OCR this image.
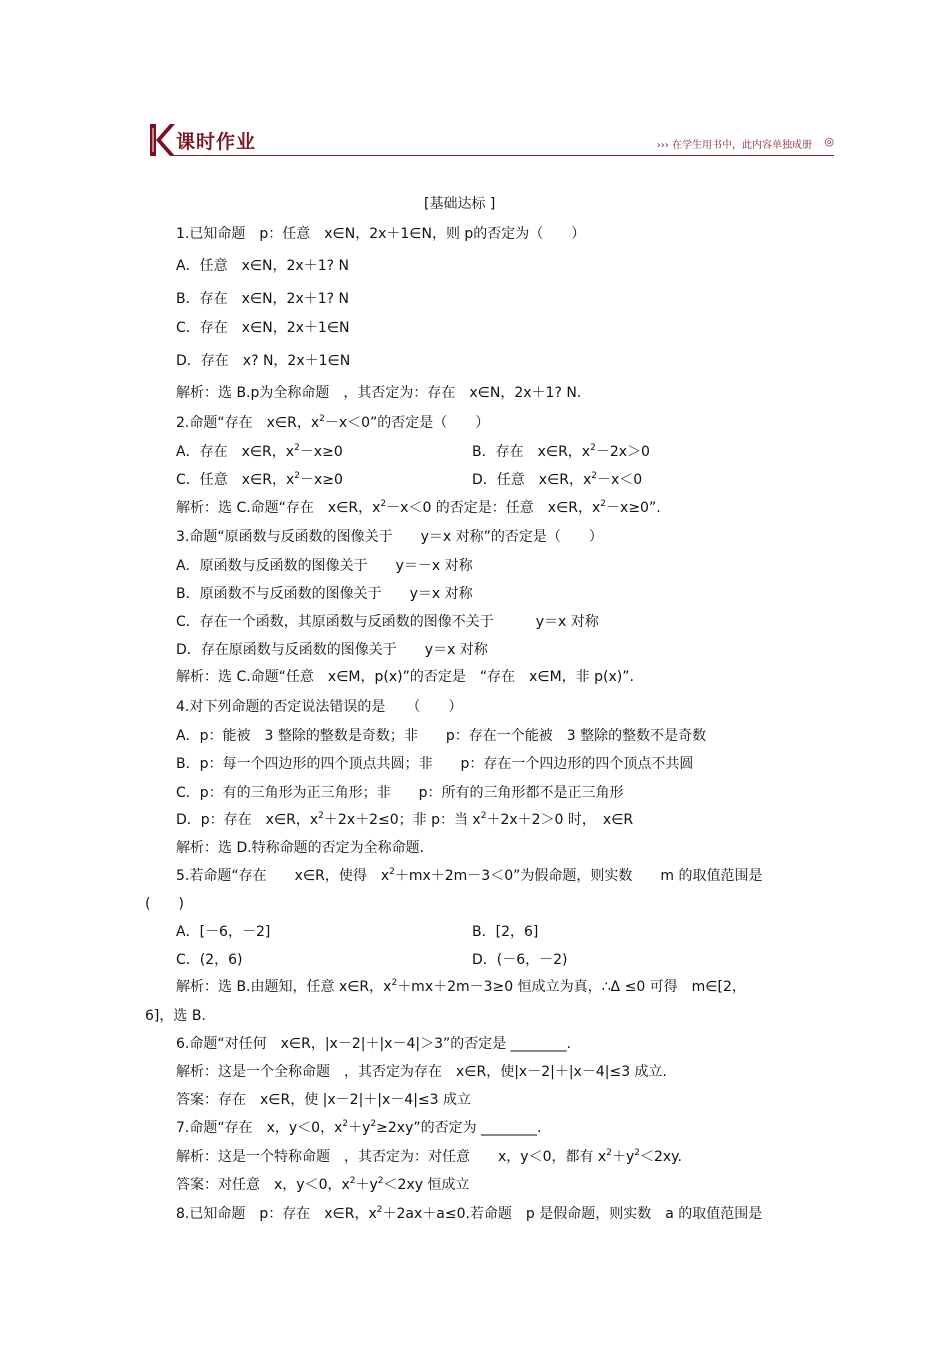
课时作业	››› 在学生用书中，此内容单独成册 ◎
[基础达标 ]
1.已知命题　p：任意　x∈N，2x＋1∈N，则 p的否定为（　　）
A．任意　x∈N，2x＋1? N
B．存在　x∈N，2x＋1? N
C．存在　x∈N，2x＋1∈N
D．存在　x? N，2x＋1∈N
解析：选 B.p为全称命题　，其否定为：存在　x∈N，2x＋1? N.
2.命题“存在　x∈R，$x^2-x<0$”的否定是（　　）
A．存在　x∈R，$x^2-x\ge 0$	B．存在　x∈R，$x^2-2x>0$
C．任意　x∈R，$x^2-x\ge 0$	D．任意　x∈R，$x^2-x<0$
解析：选 C.命题“存在　x∈R，$x^2-x<0$ 的否定是：任意　x∈R，$x^2-x\ge 0$”.
3.命题“原函数与反函数的图像关于　　y＝x 对称”的否定是（　　）
A．原函数与反函数的图像关于　　y＝－x 对称
B．原函数不与反函数的图像关于　　y＝x 对称
C．存在一个函数，其原函数与反函数的图像不关于　　　y＝x 对称
D．存在原函数与反函数的图像关于　　y＝x 对称
解析：选 C.命题“任意　x∈M，p(x)”的否定是　“存在　x∈M，非 p(x)”.
4.对下列命题的否定说法错误的是　　（　　）
A．p：能被　3 整除的整数是奇数；非　　p：存在一个能被　3 整除的整数不是奇数
B．p：每一个四边形的四个顶点共圆；非　　p：存在一个四边形的四个顶点不共圆
C．p：有的三角形为正三角形；非　　p：所有的三角形都不是正三角形
D．p：存在　x∈R，$x^2+2x+2\le 0$；非 p：当 $x^2+2x+2>0$ 时，　x∈R
解析：选 D.特称命题的否定为全称命题.
5.若命题“存在　　x∈R，使得　$x^2+mx+2m-3<0$”为假命题，则实数　　m 的取值范围是
(　　)
A．[－6，－2]	B．[2，6]
C．(2，6)	D．(－6，－2)
解析：选 B.由题知，任意 x∈R，$x^2+mx+2m-3\ge 0$ 恒成立为真，∴Δ ≤0 可得　m∈[2，
6]，选 B.
6.命题“对任何　x∈R，|x－2|＋|x－4|＞3”的否定是 ________.
解析：这是一个全称命题　，其否定为存在　x∈R，使|x－2|＋|x－4|≤3 成立.
答案：存在　x∈R，使 |x－2|＋|x－4|≤3 成立
7.命题“存在　x，y＜0，$x^2+y^2\ge 2xy$”的否定为 ________.
解析：这是一个特称命题　，其否定为：对任意　　x，y＜0，都有 $x^2+y^2<2xy$.
答案：对任意　x，y＜0，$x^2+y^2<2xy$ 恒成立
8.已知命题　p：存在　x∈R，$x^2+2ax+a\le 0$.若命题　p 是假命题，则实数　a 的取值范围是
